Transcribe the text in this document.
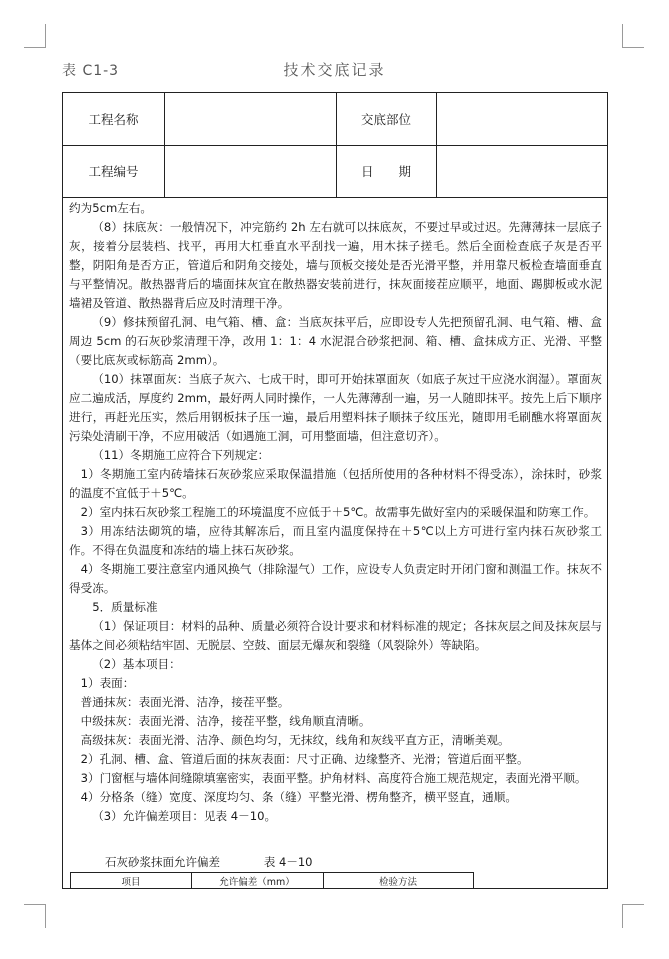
表 C1-3	技术交底记录
工程名称	交底部位
工程编号	日　　期

约为5cm左右。

（8）抹底灰：一般情况下，冲完筋约 2h 左右就可以抹底灰，不要过早或过迟。先薄薄抹一层底子灰，接着分层装档、找平，再用大杠垂直水平刮找一遍，用木抹子搓毛。然后全面检查底子灰是否平整，阴阳角是否方正，管道后和阴角交接处，墙与顶板交接处是否光滑平整，并用靠尺板检查墙面垂直与平整情况。散热器背后的墙面抹灰宜在散热器安装前进行，抹灰面接茬应顺平，地面、踢脚板或水泥墙裙及管道、散热器背后应及时清理干净。

（9）修抹预留孔洞、电气箱、槽、盒：当底灰抹平后，应即设专人先把预留孔洞、电气箱、槽、盒周边 5cm 的石灰砂浆清理干净，改用 1：1：4 水泥混合砂浆把洞、箱、槽、盒抹成方正、光滑、平整（要比底灰或标筋高 2mm）。

（10）抹罩面灰：当底子灰六、七成干时，即可开始抹罩面灰（如底子灰过干应浇水润湿）。罩面灰应二遍成活，厚度约 2mm，最好两人同时操作，一人先薄薄刮一遍，另一人随即抹平。按先上后下顺序进行，再赶光压实，然后用钢板抹子压一遍，最后用塑料抹子顺抹子纹压光，随即用毛刷醮水将罩面灰污染处清刷干净，不应用破活（如遇施工洞，可用整面墙，但注意切齐）。

（11）冬期施工应符合下列规定：

1）冬期施工室内砖墙抹石灰砂浆应采取保温措施（包括所使用的各种材料不得受冻），涂抹时，砂浆的温度不宜低于＋5℃。

2）室内抹石灰砂浆工程施工的环境温度不应低于＋5℃。故需事先做好室内的采暖保温和防寒工作。

3）用冻结法砌筑的墙，应待其解冻后，而且室内温度保持在＋5℃以上方可进行室内抹石灰砂浆工作。不得在负温度和冻结的墙上抹石灰砂浆。

4）冬期施工要注意室内通风换气（排除湿气）工作，应设专人负责定时开闭门窗和测温工作。抹灰不得受冻。

5．质量标准

（1）保证项目：材料的品种、质量必须符合设计要求和材料标准的规定；各抹灰层之间及抹灰层与基体之间必须粘结牢固、无脱层、空鼓、面层无爆灰和裂缝（风裂除外）等缺陷。

（2）基本项目：

1）表面：

普通抹灰：表面光滑、洁净，接茬平整。

中级抹灰：表面光滑、洁净，接茬平整，线角顺直清晰。

高级抹灰：表面光滑、洁净、颜色均匀，无抹纹，线角和灰线平直方正，清晰美观。

2）孔洞、槽、盒、管道后面的抹灰表面：尺寸正确、边缘整齐、光滑；管道后面平整。

3）门窗框与墙体间缝隙填塞密实，表面平整。护角材料、高度符合施工规范规定，表面光滑平顺。

4）分格条（缝）宽度、深度均匀、条（缝）平整光滑、楞角整齐，横平竖直，通顺。

（3）允许偏差项目：见表 4－10。

石灰砂浆抹面允许偏差	表 4－10
项目	允许偏差（mm）	检验方法
